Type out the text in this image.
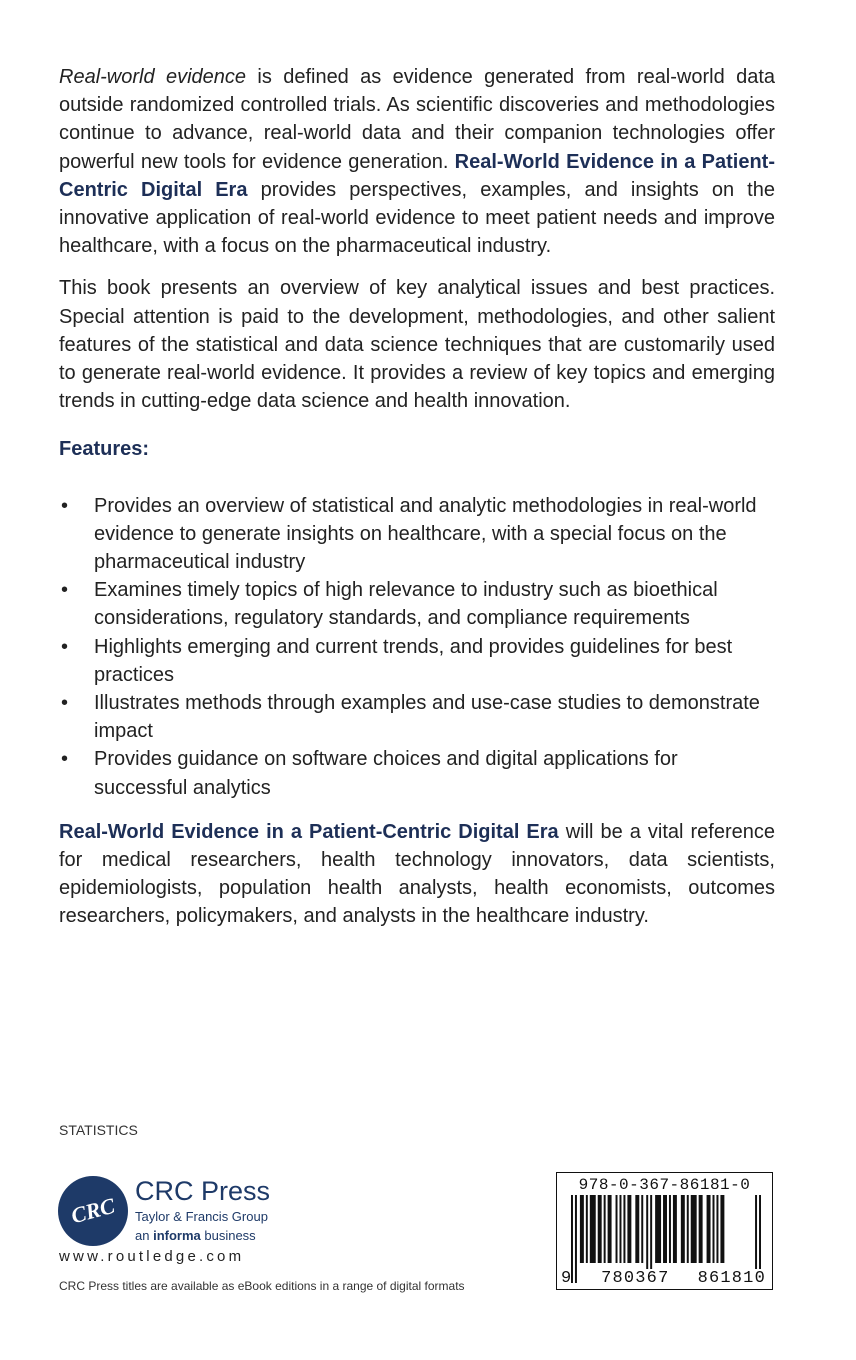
Real-world evidence is defined as evidence generated from real-world data outside randomized controlled trials. As scientific discoveries and methodologies continue to advance, real-world data and their companion technologies offer powerful new tools for evidence generation. Real-World Evidence in a Patient-Centric Digital Era provides perspectives, examples, and insights on the innovative application of real-world evidence to meet patient needs and improve healthcare, with a focus on the pharmaceutical industry.

This book presents an overview of key analytical issues and best practices. Special attention is paid to the development, methodologies, and other salient features of the statistical and data science techniques that are customarily used to generate real-world evidence. It provides a review of key topics and emerging trends in cutting-edge data science and health innovation.

Features:
• Provides an overview of statistical and analytic methodologies in real-world evidence to generate insights on healthcare, with a special focus on the pharmaceutical industry
• Examines timely topics of high relevance to industry such as bioethical considerations, regulatory standards, and compliance requirements
• Highlights emerging and current trends, and provides guidelines for best practices
• Illustrates methods through examples and use-case studies to demonstrate impact
• Provides guidance on software choices and digital applications for successful analytics

Real-World Evidence in a Patient-Centric Digital Era will be a vital reference for medical researchers, health technology innovators, data scientists, epidemiologists, population health analysts, health economists, outcomes researchers, policymakers, and analysts in the healthcare industry.

STATISTICS
CRC
CRC Press
Taylor & Francis Group
an informa business
www.routledge.com
CRC Press titles are available as eBook editions in a range of digital formats
978-0-367-86181-0
9 780367 861810
